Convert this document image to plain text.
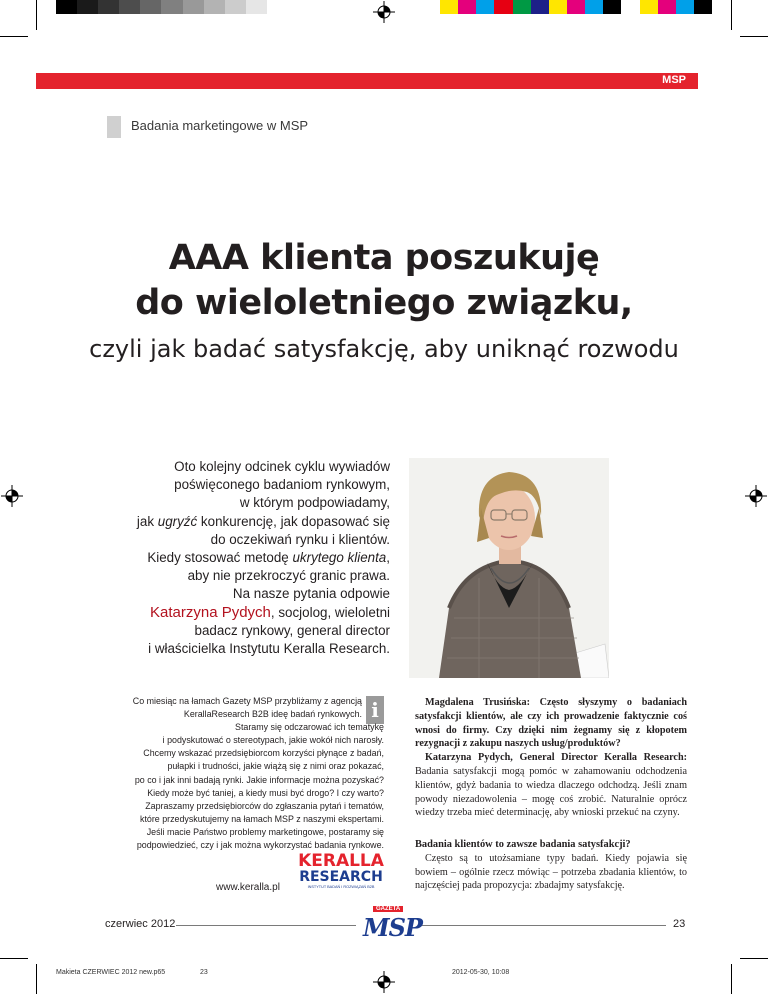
MSP
Badania marketingowe w MSP
AAA klienta poszukuję
do wieloletniego związku,
czyli jak badać satysfakcję, aby uniknąć rozwodu
Oto kolejny odcinek cyklu wywiadów
poświęconego badaniom rynkowym,
w którym podpowiadamy,
jak ugryźć konkurencję, jak dopasować się
do oczekiwań rynku i klientów.
Kiedy stosować metodę ukrytego klienta,
aby nie przekroczyć granic prawa.
Na nasze pytania odpowie
Katarzyna Pydych, socjolog, wieloletni
badacz rynkowy, general director
i właścicielka Instytutu Keralla Research.
i
Co miesiąc na łamach Gazety MSP przybliżamy z agencją
KerallaResearch B2B ideę badań rynkowych.
Staramy się odczarować ich tematykę
i podyskutować o stereotypach, jakie wokół nich narosły.
Chcemy wskazać przedsiębiorcom korzyści płynące z badań,
pułapki i trudności, jakie wiążą się z nimi oraz pokazać,
po co i jak inni badają rynki. Jakie informacje można pozyskać?
Kiedy może być taniej, a kiedy musi być drogo? I czy warto?
Zapraszamy przedsiębiorców do zgłaszania pytań i tematów,
które przedyskutujemy na łamach MSP z naszymi ekspertami.
Jeśli macie Państwo problemy marketingowe, postaramy się
podpowiedzieć, czy i jak można wykorzystać badania rynkowe.
www.keralla.pl
KERALLA
RESEARCH
INSTYTUT BADAŃ I ROZWIĄZAŃ B2B

Magdalena Trusińska: Często słyszymy o badaniach satysfakcji klientów, ale czy ich prowadzenie faktycznie coś wnosi do firmy. Czy dzięki nim żegnamy się z kłopotem rezygnacji z zakupu naszych usług/produktów?

Katarzyna Pydych, General Director Keralla Research: Badania satysfakcji mogą pomóc w zahamowaniu odchodzenia klientów, gdyż badania to wiedza dlaczego odchodzą. Jeśli znam powody niezadowolenia – mogę coś zrobić. Naturalnie oprócz wiedzy trzeba mieć determinację, aby wnioski przekuć na czyny.

Badania klientów to zawsze badania satysfakcji?

Często są to utożsamiane typy badań. Kiedy pojawia się bowiem – ogólnie rzecz mówiąc – potrzeba zbadania klientów, to najczęściej pada propozycja: zbadajmy satysfakcję.

czerwiec 2012	23
GAZETA
MSP
Makieta CZERWIEC 2012 new.p65	23	2012-05-30, 10:08
